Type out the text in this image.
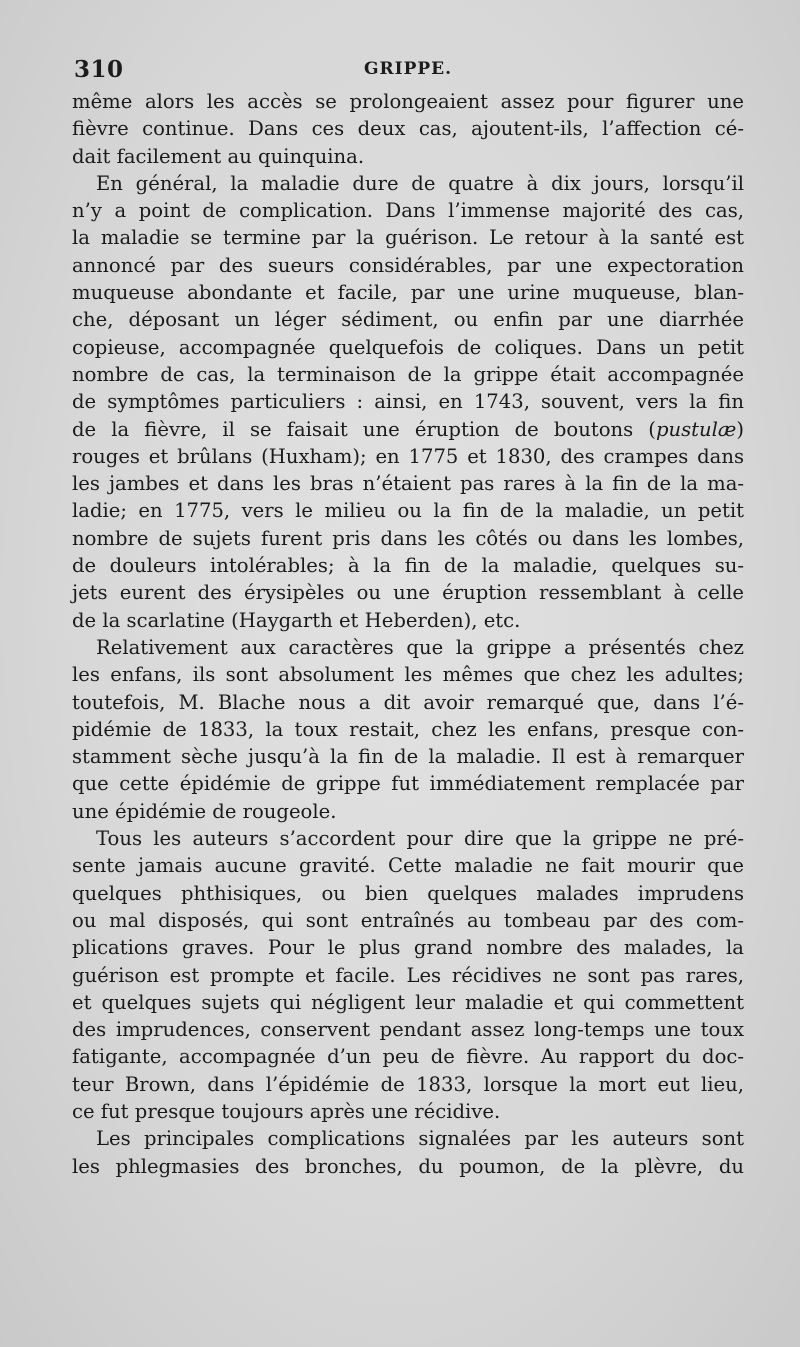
310	GRIPPE.
même alors les accès se prolongeaient assez pour figurer une
fièvre continue. Dans ces deux cas, ajoutent-ils, l’affection cé-
dait facilement au quinquina.
En général, la maladie dure de quatre à dix jours, lorsqu’il
n’y a point de complication. Dans l’immense majorité des cas,
la maladie se termine par la guérison. Le retour à la santé est
annoncé par des sueurs considérables, par une expectoration
muqueuse abondante et facile, par une urine muqueuse, blan-
che, déposant un léger sédiment, ou enfin par une diarrhée
copieuse, accompagnée quelquefois de coliques. Dans un petit
nombre de cas, la terminaison de la grippe était accompagnée
de symptômes particuliers : ainsi, en 1743, souvent, vers la fin
de la fièvre, il se faisait une éruption de boutons (pustulæ)
rouges et brûlans (Huxham); en 1775 et 1830, des crampes dans
les jambes et dans les bras n’étaient pas rares à la fin de la ma-
ladie; en 1775, vers le milieu ou la fin de la maladie, un petit
nombre de sujets furent pris dans les côtés ou dans les lombes,
de douleurs intolérables; à la fin de la maladie, quelques su-
jets eurent des érysipèles ou une éruption ressemblant à celle
de la scarlatine (Haygarth et Heberden), etc.
Relativement aux caractères que la grippe a présentés chez
les enfans, ils sont absolument les mêmes que chez les adultes;
toutefois, M. Blache nous a dit avoir remarqué que, dans l’é-
pidémie de 1833, la toux restait, chez les enfans, presque con-
stamment sèche jusqu’à la fin de la maladie. Il est à remarquer
que cette épidémie de grippe fut immédiatement remplacée par
une épidémie de rougeole.
Tous les auteurs s’accordent pour dire que la grippe ne pré-
sente jamais aucune gravité. Cette maladie ne fait mourir que
quelques phthisiques, ou bien quelques malades imprudens
ou mal disposés, qui sont entraînés au tombeau par des com-
plications graves. Pour le plus grand nombre des malades, la
guérison est prompte et facile. Les récidives ne sont pas rares,
et quelques sujets qui négligent leur maladie et qui commettent
des imprudences, conservent pendant assez long-temps une toux
fatigante, accompagnée d’un peu de fièvre. Au rapport du doc-
teur Brown, dans l’épidémie de 1833, lorsque la mort eut lieu,
ce fut presque toujours après une récidive.
Les principales complications signalées par les auteurs sont
les phlegmasies des bronches, du poumon, de la plèvre, du
